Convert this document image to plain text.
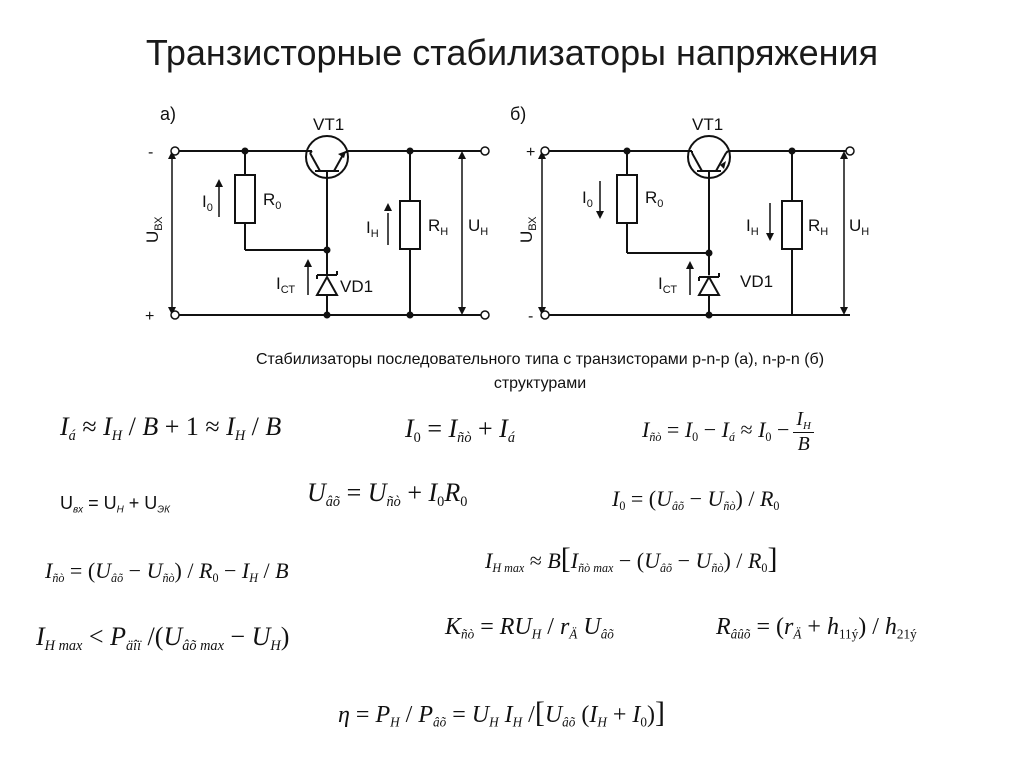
Транзисторные стабилизаторы напряжения
а)
VT1
-
+
$U_{ВХ}$
$I_0$	$R_0$
$I_Н$	$R_Н$ $U_Н$
$I_{СТ}$	VD1
б)
VT1
+
-
$U_{ВХ}$
$I_0$	$R_0$
$I_Н$	$R_Н$ $U_Н$
$I_{СТ}$	VD1
Стабилизаторы последовательного типа с транзисторами p-n-p (а), n-p-n (б)
структурами
$I_á \approx I_H / B + 1 \approx I_H / B$	$I_0 = I_{ñò} + I_á$	$I_{ñò} = I_0 - I_á \approx I_0 - \frac{I_H}{B}$
$U_{вх} = U_Н + U_{ЭК}$
$U_{âõ} = U_{ñò} + I_0R_0$	$I_0 = (U_{âõ} - U_{ñò}) / R_0$
$I_{H max} \approx B[I_{ñò max} - (U_{âõ} - U_{ñò}) / R_0]$
$I_{ñò} = (U_{âõ} - U_{ñò}) / R_0 - I_H / B$
$K_{ñò} = RU_H / r_Ä$ $U_{âõ}$	$R_{âûõ} = (r_Ä + h_{11ý}) / h_{21ý}$
$I_{H max} < P_{äîï}$ $/(U_{âõ max} - U_H)$
$\eta = P_H / P_{âõ} = U_H$ $I_H$ $/[U_{âõ}$ $(I_H + I_0)$]
